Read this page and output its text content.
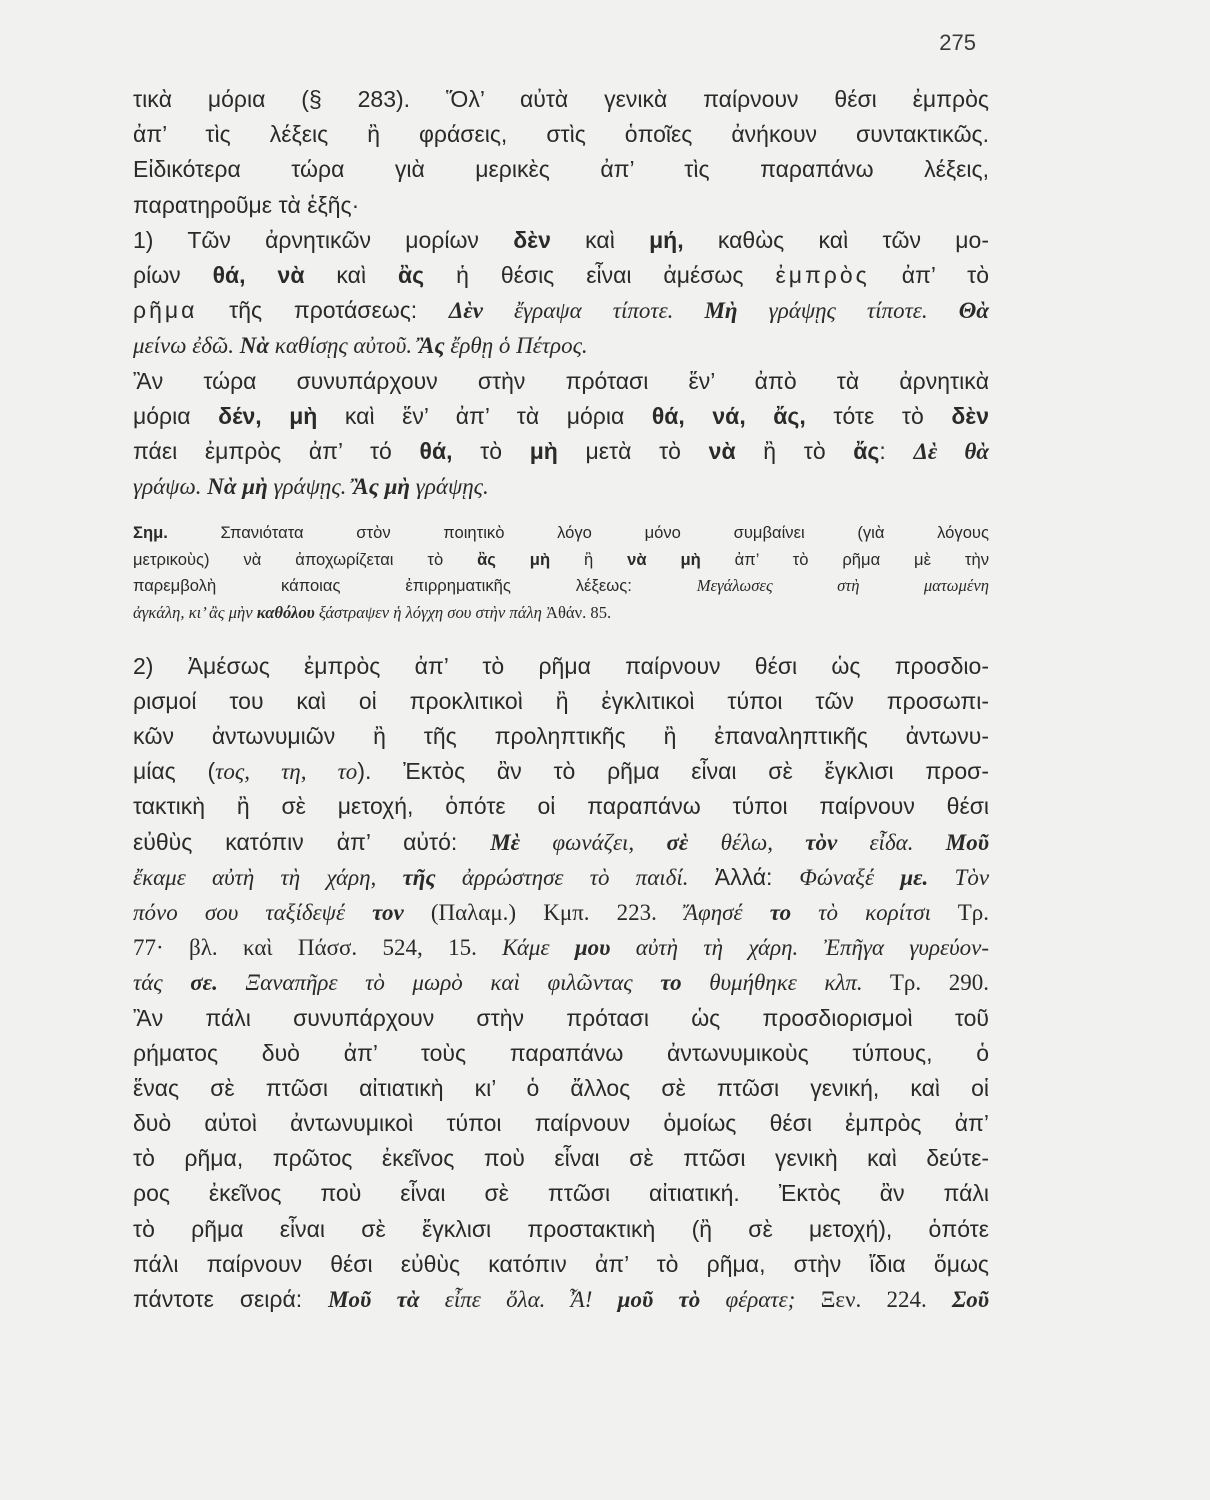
275
τικὰ μόρια (§ 283). Ὅλ’ αὐτὰ γενικὰ παίρνουν θέσι ἐμπρὸς
ἀπ’ τὶς λέξεις ἢ φράσεις, στὶς ὁποῖες ἀνήκουν συντακτικῶς.
Εἰδικότερα τώρα γιὰ μερικὲς ἀπ’ τὶς παραπάνω λέξεις,
παρατηροῦμε τὰ ἑξῆς·
1) Τῶν ἀρνητικῶν μορίων δὲν καὶ μή, καθὼς καὶ τῶν μο-
ρίων θά, νὰ καὶ ἂς ἡ θέσις εἶναι ἀμέσως ἐμπρὸς ἀπ’ τὸ
ρῆμα τῆς προτάσεως: Δὲν ἔγραψα τίποτε. Μὴ γράψῃς τίποτε. Θὰ
μείνω ἐδῶ. Νὰ καθίσῃς αὐτοῦ. Ἂς ἔρθῃ ὁ Πέτρος.
Ἂν τώρα συνυπάρχουν στὴν πρότασι ἕν’ ἀπὸ τὰ ἀρνητικὰ
μόρια δέν, μὴ καὶ ἕν’ ἀπ’ τὰ μόρια θά, νά, ἄς, τότε τὸ δὲν
πάει ἐμπρὸς ἀπ’ τό θά, τὸ μὴ μετὰ τὸ νὰ ἢ τὸ ἄς: Δὲ θὰ
γράψω. Νὰ μὴ γράψῃς. Ἂς μὴ γράψῃς.
Σημ. Σπανιότατα στὸν ποιητικὸ λόγο μόνο συμβαίνει (γιὰ λόγους
μετρικοὺς) νὰ ἀποχωρίζεται τὸ ἂς μὴ ἢ νὰ μὴ ἀπ’ τὸ ρῆμα μὲ τὴν
παρεμβολὴ κάποιας ἐπιρρηματικῆς λέξεως: Μεγάλωσες στὴ ματωμένη
ἀγκάλη, κι’ ἂς μὴν καθόλου ξάστραψεν ἡ λόγχη σου στὴν πάλη Ἀθάν. 85.
2) Ἀμέσως ἐμπρὸς ἀπ’ τὸ ρῆμα παίρνουν θέσι ὡς προσδιο-
ρισμοί του καὶ οἱ προκλιτικοὶ ἢ ἐγκλιτικοὶ τύποι τῶν προσωπι-
κῶν ἀντωνυμιῶν ἢ τῆς προληπτικῆς ἢ ἐπαναληπτικῆς ἀντωνυ-
μίας (τος, τη, το). Ἐκτὸς ἂν τὸ ρῆμα εἶναι σὲ ἔγκλισι προσ-
τακτικὴ ἢ σὲ μετοχή, ὁπότε οἱ παραπάνω τύποι παίρνουν θέσι
εὐθὺς κατόπιν ἀπ’ αὐτό: Μὲ φωνάζει, σὲ θέλω, τὸν εἶδα. Μοῦ
ἔκαμε αὐτὴ τὴ χάρη, τῆς ἀρρώστησε τὸ παιδί. Ἀλλά: Φώναξέ με. Τὸν
πόνο σου ταξίδεψέ τον (Παλαμ.) Κμπ. 223. Ἄφησέ το τὸ κορίτσι Τρ.
77· βλ. καὶ Πάσσ. 524, 15. Κάμε μου αὐτὴ τὴ χάρη. Ἐπῆγα γυρεύον-
τάς σε. Ξαναπῆρε τὸ μωρὸ καὶ φιλῶντας το θυμήθηκε κλπ. Τρ. 290.
Ἂν πάλι συνυπάρχουν στὴν πρότασι ὡς προσδιορισμοὶ τοῦ
ρήματος δυὸ ἀπ’ τοὺς παραπάνω ἀντωνυμικοὺς τύπους, ὁ
ἕνας σὲ πτῶσι αἰτιατικὴ κι’ ὁ ἄλλος σὲ πτῶσι γενική, καὶ οἱ
δυὸ αὐτοὶ ἀντωνυμικοὶ τύποι παίρνουν ὁμοίως θέσι ἐμπρὸς ἀπ’
τὸ ρῆμα, πρῶτος ἐκεῖνος ποὺ εἶναι σὲ πτῶσι γενικὴ καὶ δεύτε-
ρος ἐκεῖνος ποὺ εἶναι σὲ πτῶσι αἰτιατική. Ἐκτὸς ἂν πάλι
τὸ ρῆμα εἶναι σὲ ἔγκλισι προστακτικὴ (ἢ σὲ μετοχή), ὁπότε
πάλι παίρνουν θέσι εὐθὺς κατόπιν ἀπ’ τὸ ρῆμα, στὴν ἴδια ὅμως
πάντοτε σειρά: Μοῦ τὰ εἶπε ὅλα. Ἆ! μοῦ τὸ φέρατε; Ξεν. 224. Σοῦ
